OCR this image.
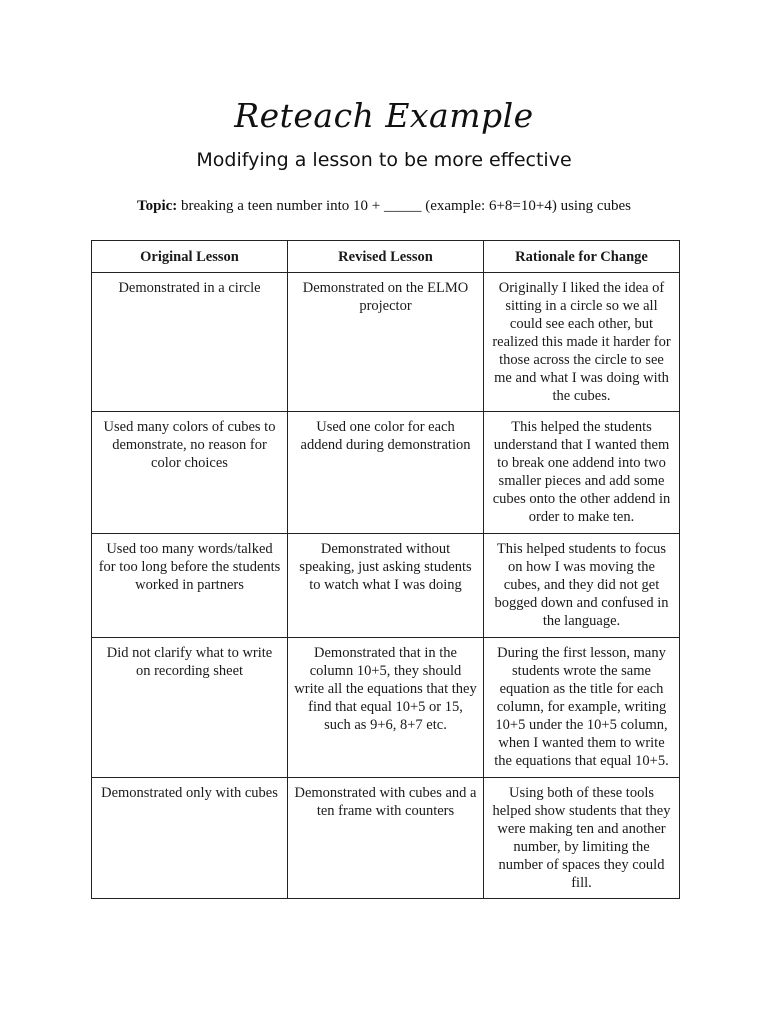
Reteach Example
Modifying a lesson to be more effective
Topic: breaking a teen number into 10 + _____ (example: 6+8=10+4) using cubes
Original Lesson	Revised Lesson	Rationale for Change
Demonstrated in a circle	Demonstrated on the ELMO projector	Originally I liked the idea of sitting in a circle so we all could see each other, but realized this made it harder for those across the circle to see me and what I was doing with the cubes.
Used many colors of cubes to demonstrate, no reason for color choices	Used one color for each addend during demonstration	This helped the students understand that I wanted them to break one addend into two smaller pieces and add some cubes onto the other addend in order to make ten.
Used too many words/talked for too long before the students worked in partners	Demonstrated without speaking, just asking students to watch what I was doing	This helped students to focus on how I was moving the cubes, and they did not get bogged down and confused in the language.
Did not clarify what to write on recording sheet	Demonstrated that in the column 10+5, they should write all the equations that they find that equal 10+5 or 15, such as 9+6, 8+7 etc.	During the first lesson, many students wrote the same equation as the title for each column, for example, writing 10+5 under the 10+5 column, when I wanted them to write the equations that equal 10+5.
Demonstrated only with cubes	Demonstrated with cubes and a ten frame with counters	Using both of these tools helped show students that they were making ten and another number, by limiting the number of spaces they could fill.
